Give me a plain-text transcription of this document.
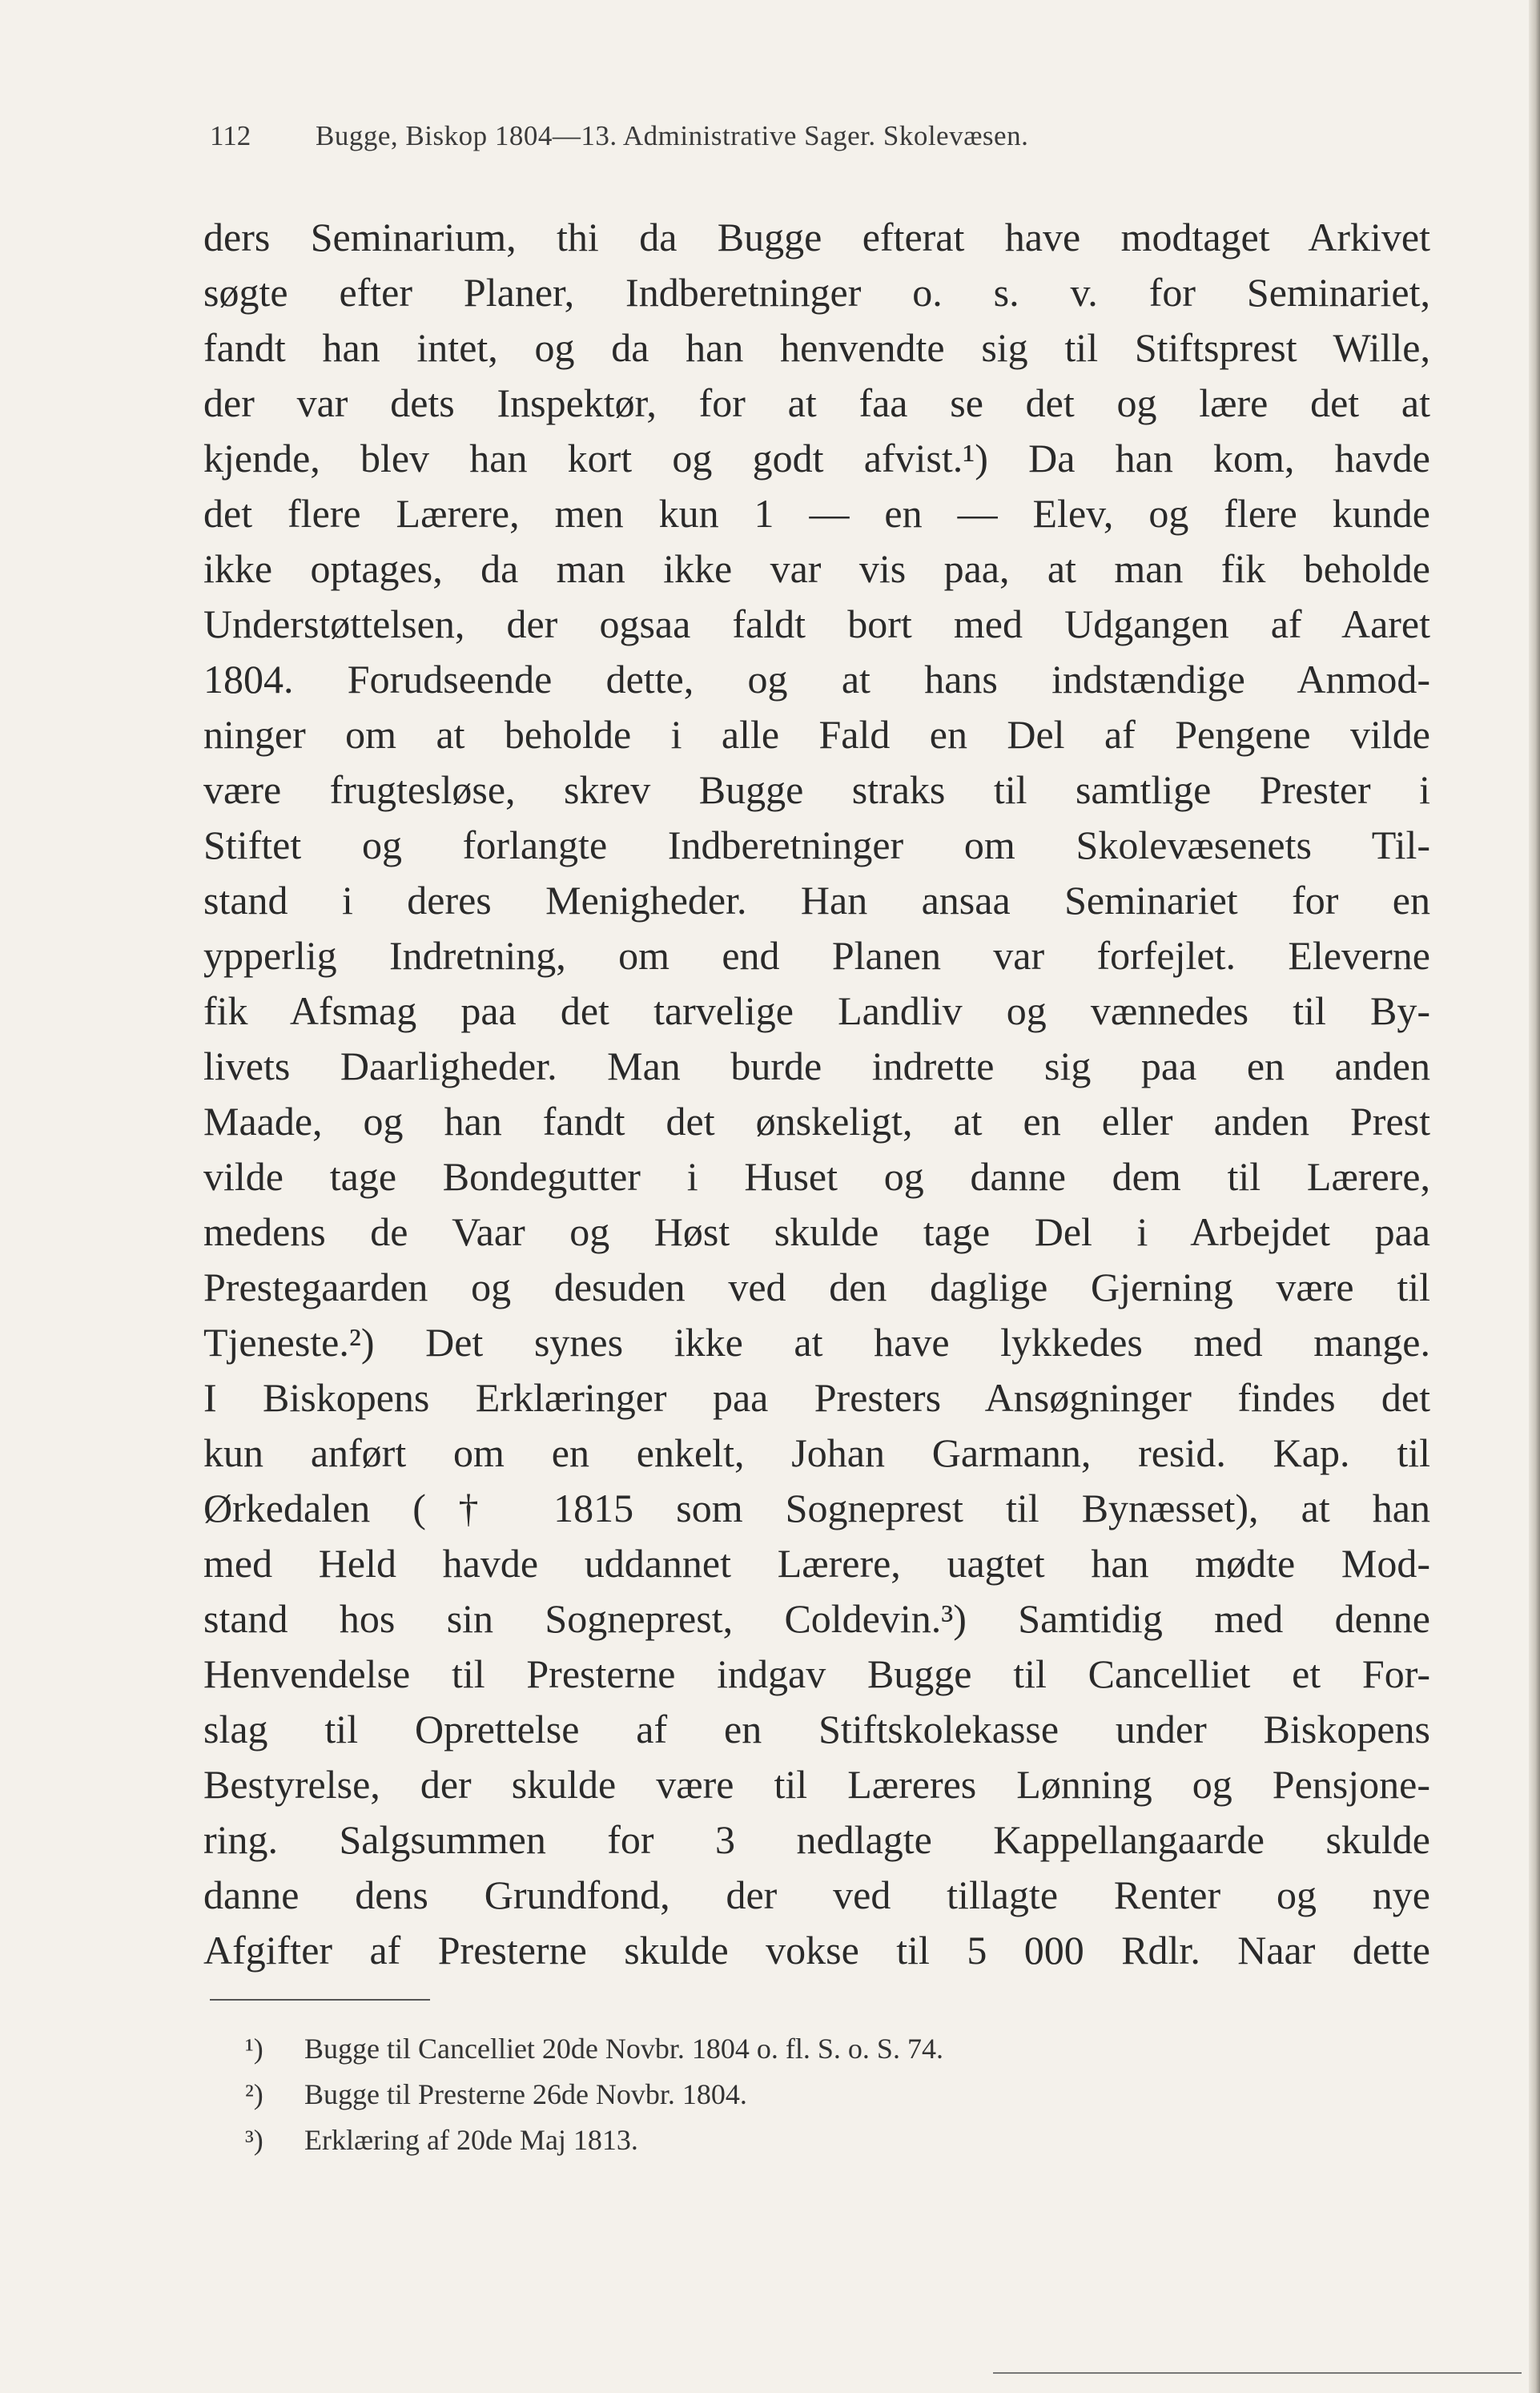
112 Bugge, Biskop 1804—13. Administrative Sager. Skolevæsen.
ders Seminarium, thi da Bugge efterat have modtaget Arkivet
søgte efter Planer, Indberetninger o. s. v. for Seminariet,
fandt han intet, og da han henvendte sig til Stiftsprest Wille,
der var dets Inspektør, for at faa se det og lære det at
kjende, blev han kort og godt afvist.¹) Da han kom, havde
det flere Lærere, men kun 1 — en — Elev, og flere kunde
ikke optages, da man ikke var vis paa, at man fik beholde
Understøttelsen, der ogsaa faldt bort med Udgangen af Aaret
1804. Forudseende dette, og at hans indstændige Anmod-
ninger om at beholde i alle Fald en Del af Pengene vilde
være frugtesløse, skrev Bugge straks til samtlige Prester i
Stiftet og forlangte Indberetninger om Skolevæsenets Til-
stand i deres Menigheder. Han ansaa Seminariet for en
ypperlig Indretning, om end Planen var forfejlet. Eleverne
fik Afsmag paa det tarvelige Landliv og vænnedes til By-
livets Daarligheder. Man burde indrette sig paa en anden
Maade, og han fandt det ønskeligt, at en eller anden Prest
vilde tage Bondegutter i Huset og danne dem til Lærere,
medens de Vaar og Høst skulde tage Del i Arbejdet paa
Prestegaarden og desuden ved den daglige Gjerning være til
Tjeneste.²) Det synes ikke at have lykkedes med mange.
I Biskopens Erklæringer paa Presters Ansøgninger findes det
kun anført om en enkelt, Johan Garmann, resid. Kap. til
Ørkedalen († 1815 som Sogneprest til Bynæsset), at han
med Held havde uddannet Lærere, uagtet han mødte Mod-
stand hos sin Sogneprest, Coldevin.³) Samtidig med denne
Henvendelse til Presterne indgav Bugge til Cancelliet et For-
slag til Oprettelse af en Stiftskolekasse under Biskopens
Bestyrelse, der skulde være til Læreres Lønning og Pensjone-
ring. Salgsummen for 3 nedlagte Kappellangaarde skulde
danne dens Grundfond, der ved tillagte Renter og nye
Afgifter af Presterne skulde vokse til 5 000 Rdlr. Naar dette
¹) Bugge til Cancelliet 20de Novbr. 1804 o. fl. S. o. S. 74.
²) Bugge til Presterne 26de Novbr. 1804.
³) Erklæring af 20de Maj 1813.
